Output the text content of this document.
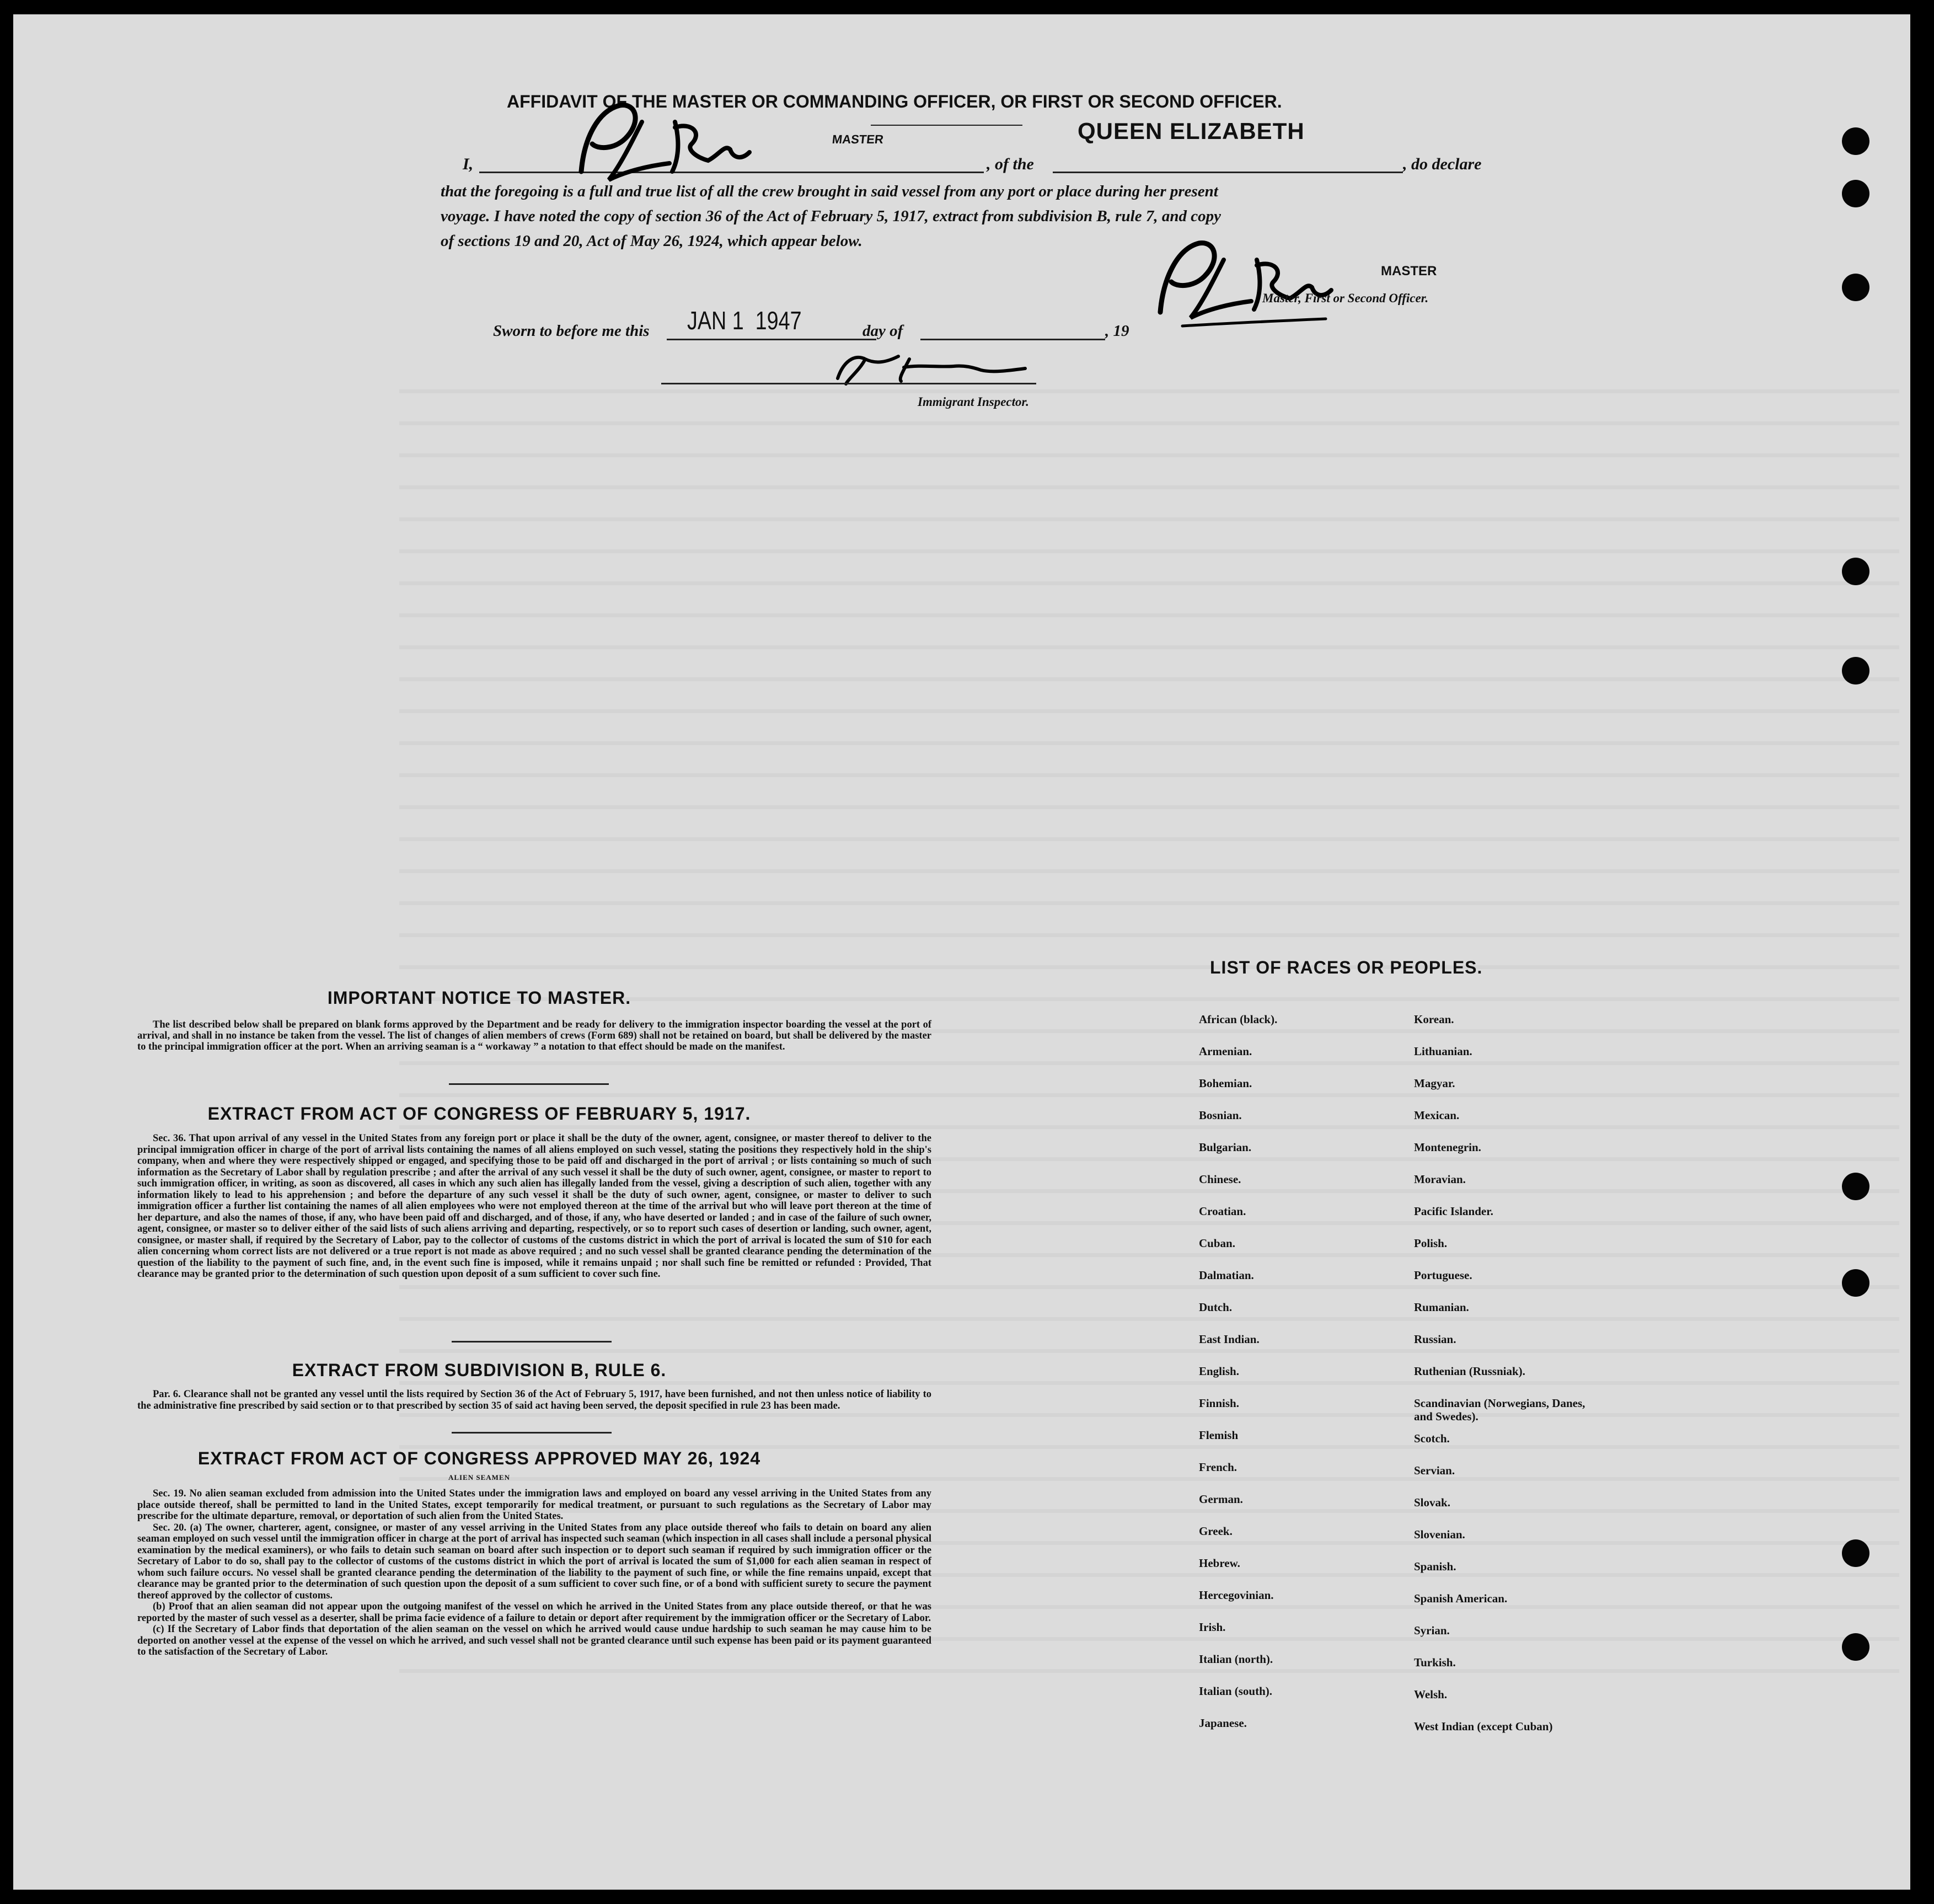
AFFIDAVIT OF THE MASTER OR COMMANDING OFFICER, OR FIRST OR SECOND OFFICER.
I,
MASTER
, of the
QUEEN ELIZABETH
, do declare
that the foregoing is a full and true list of all the crew brought in said vessel from any port or place during her present
voyage. I have noted the copy of section 36 of the Act of February 5, 1917, extract from subdivision B, rule 7, and copy
of sections 19 and 20, Act of May 26, 1924, which appear below.
MASTER
Master, First or Second Officer.
Sworn to before me this JAN 1  1947	day of	, 19
Immigrant Inspector.
IMPORTANT NOTICE TO MASTER.

The list described below shall be prepared on blank forms approved by the Department and be ready for delivery to the immigration inspector boarding the vessel at the port of arrival, and shall in no instance be taken from the vessel. The list of changes of alien members of crews (Form 689) shall not be retained on board, but shall be delivered by the master to the principal immigration officer at the port. When an arriving seaman is a “ workaway ” a notation to that effect should be made on the manifest.

EXTRACT FROM ACT OF CONGRESS OF FEBRUARY 5, 1917.

Sec. 36. That upon arrival of any vessel in the United States from any foreign port or place it shall be the duty of the owner, agent, consignee, or master thereof to deliver to the principal immigration officer in charge of the port of arrival lists containing the names of all aliens employed on such vessel, stating the positions they respectively hold in the ship's company, when and where they were respectively shipped or engaged, and specifying those to be paid off and discharged in the port of arrival ; or lists containing so much of such information as the Secretary of Labor shall by regulation prescribe ; and after the arrival of any such vessel it shall be the duty of such owner, agent, consignee, or master to report to such immigration officer, in writing, as soon as discovered, all cases in which any such alien has illegally landed from the vessel, giving a description of such alien, together with any information likely to lead to his apprehension ; and before the departure of any such vessel it shall be the duty of such owner, agent, consignee, or master to deliver to such immigration officer a further list containing the names of all alien employees who were not employed thereon at the time of the arrival but who will leave port thereon at the time of her departure, and also the names of those, if any, who have been paid off and discharged, and of those, if any, who have deserted or landed ; and in case of the failure of such owner, agent, consignee, or master so to deliver either of the said lists of such aliens arriving and departing, respectively, or so to report such cases of desertion or landing, such owner, agent, consignee, or master shall, if required by the Secretary of Labor, pay to the collector of customs of the customs district in which the port of arrival is located the sum of $10 for each alien concerning whom correct lists are not delivered or a true report is not made as above required ; and no such vessel shall be granted clearance pending the determination of the question of the liability to the payment of such fine, and, in the event such fine is imposed, while it remains unpaid ; nor shall such fine be remitted or refunded : Provided, That clearance may be granted prior to the determination of such question upon deposit of a sum sufficient to cover such fine.

EXTRACT FROM SUBDIVISION B, RULE 6.

Par. 6. Clearance shall not be granted any vessel until the lists required by Section 36 of the Act of February 5, 1917, have been furnished, and not then unless notice of liability to the administrative fine prescribed by said section or to that prescribed by section 35 of said act having been served, the deposit specified in rule 23 has been made.

EXTRACT FROM ACT OF CONGRESS APPROVED MAY 26, 1924
ALIEN SEAMEN

Sec. 19. No alien seaman excluded from admission into the United States under the immigration laws and employed on board any vessel arriving in the United States from any place outside thereof, shall be permitted to land in the United States, except temporarily for medical treatment, or pursuant to such regulations as the Secretary of Labor may prescribe for the ultimate departure, removal, or deportation of such alien from the United States.

Sec. 20. (a) The owner, charterer, agent, consignee, or master of any vessel arriving in the United States from any place outside thereof who fails to detain on board any alien seaman employed on such vessel until the immigration officer in charge at the port of arrival has inspected such seaman (which inspection in all cases shall include a personal physical examination by the medical examiners), or who fails to detain such seaman on board after such inspection or to deport such seaman if required by such immigration officer or the Secretary of Labor to do so, shall pay to the collector of customs of the customs district in which the port of arrival is located the sum of $1,000 for each alien seaman in respect of whom such failure occurs. No vessel shall be granted clearance pending the determination of the liability to the payment of such fine, or while the fine remains unpaid, except that clearance may be granted prior to the determination of such question upon the deposit of a sum sufficient to cover such fine, or of a bond with sufficient surety to secure the payment thereof approved by the collector of customs.

(b) Proof that an alien seaman did not appear upon the outgoing manifest of the vessel on which he arrived in the United States from any place outside thereof, or that he was reported by the master of such vessel as a deserter, shall be prima facie evidence of a failure to detain or deport after requirement by the immigration officer or the Secretary of Labor.

(c) If the Secretary of Labor finds that deportation of the alien seaman on the vessel on which he arrived would cause undue hardship to such seaman he may cause him to be deported on another vessel at the expense of the vessel on which he arrived, and such vessel shall not be granted clearance until such expense has been paid or its payment guaranteed to the satisfaction of the Secretary of Labor.

LIST OF RACES OR PEOPLES.
African (black).
Armenian.
Bohemian.
Bosnian.
Bulgarian.
Chinese.
Croatian.
Cuban.
Dalmatian.
Dutch.
East Indian.
English.
Finnish.
Flemish
French.
German.
Greek.
Hebrew.
Hercegovinian.
Irish.
Italian (north).
Italian (south).
Japanese.
Korean.
Lithuanian.
Magyar.
Mexican.
Montenegrin.
Moravian.
Pacific Islander.
Polish.
Portuguese.
Rumanian.
Russian.
Ruthenian (Russniak).
Scandinavian (Norwegians, Danes, and Swedes).
Scotch.
Servian.
Slovak.
Slovenian.
Spanish.
Spanish American.
Syrian.
Turkish.
Welsh.
West Indian (except Cuban)
